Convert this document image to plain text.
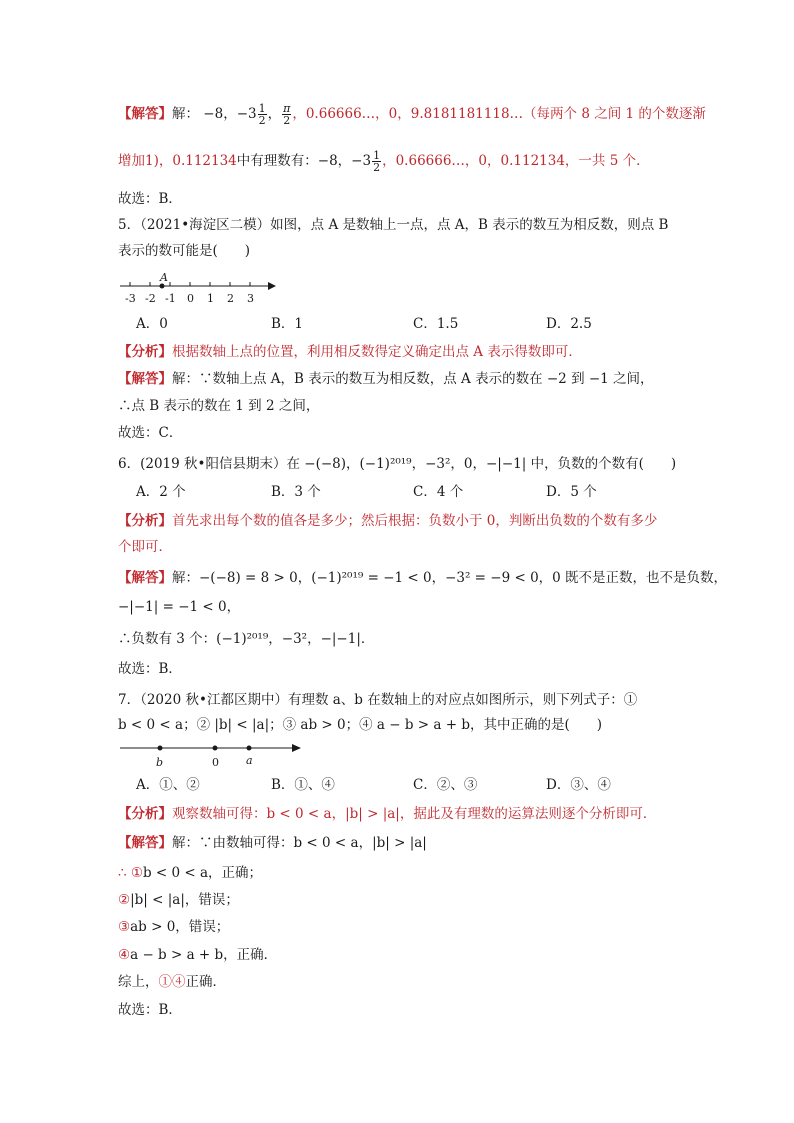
【解答】解： −8，$-3 \frac{1}{2}$ ， $\frac{\pi}{2}$ ，0.66666…，0，9.8181181118…（每两个 8 之间 1 的个数逐渐
增加1)，0.112134中有理数有：−8，$-3 \frac{1}{2}$ ，0.66666…，0，0.112134，一共 5 个．
故选：B．
5．（2021•海淀区二模）如图，点 A 是数轴上一点，点 A，B 表示的数互为相反数，则点 B
表示的数可能是(　　)
A
-3 -2 -1 0 1 2 3
A．0	B．1	C．1.5	D．2.5
【分析】根据数轴上点的位置，利用相反数得定义确定出点 A 表示得数即可．
【解答】解：∵数轴上点 A，B 表示的数互为相反数，点 A 表示的数在 −2 到 −1 之间，
∴点 B 表示的数在 1 到 2 之间，
故选：C．
6．(2019 秋•阳信县期末）在 −(−8)，(−1)²⁰¹⁹，−3²，0，−|−1| 中，负数的个数有(　　)
A．2 个	B．3 个	C．4 个	D．5 个
【分析】首先求出每个数的值各是多少；然后根据：负数小于 0，判断出负数的个数有多少
个即可．
【解答】解：−(−8) = 8 > 0，(−1)²⁰¹⁹ = −1 < 0，−3² = −9 < 0，0 既不是正数，也不是负数，
−|−1| = −1 < 0，
∴负数有 3 个：(−1)²⁰¹⁹，−3²，−|−1|．
故选：B．
7．（2020 秋•江都区期中）有理数 a、b 在数轴上的对应点如图所示，则下列式子：①
b < 0 < a；② |b| < |a|；③ ab > 0；④ a − b > a + b，其中正确的是(　　)
b	0 a
A．①、②	B．①、④	C．②、③	D．③、④
【分析】观察数轴可得：b < 0 < a，|b| > |a|，据此及有理数的运算法则逐个分析即可．
【解答】解：∵由数轴可得：b < 0 < a，|b| > |a|
∴ ①b < 0 < a，正确；
②|b| < |a|，错误；
③ab > 0，错误；
④a − b > a + b，正确．
综上，①④正确．
故选：B．
